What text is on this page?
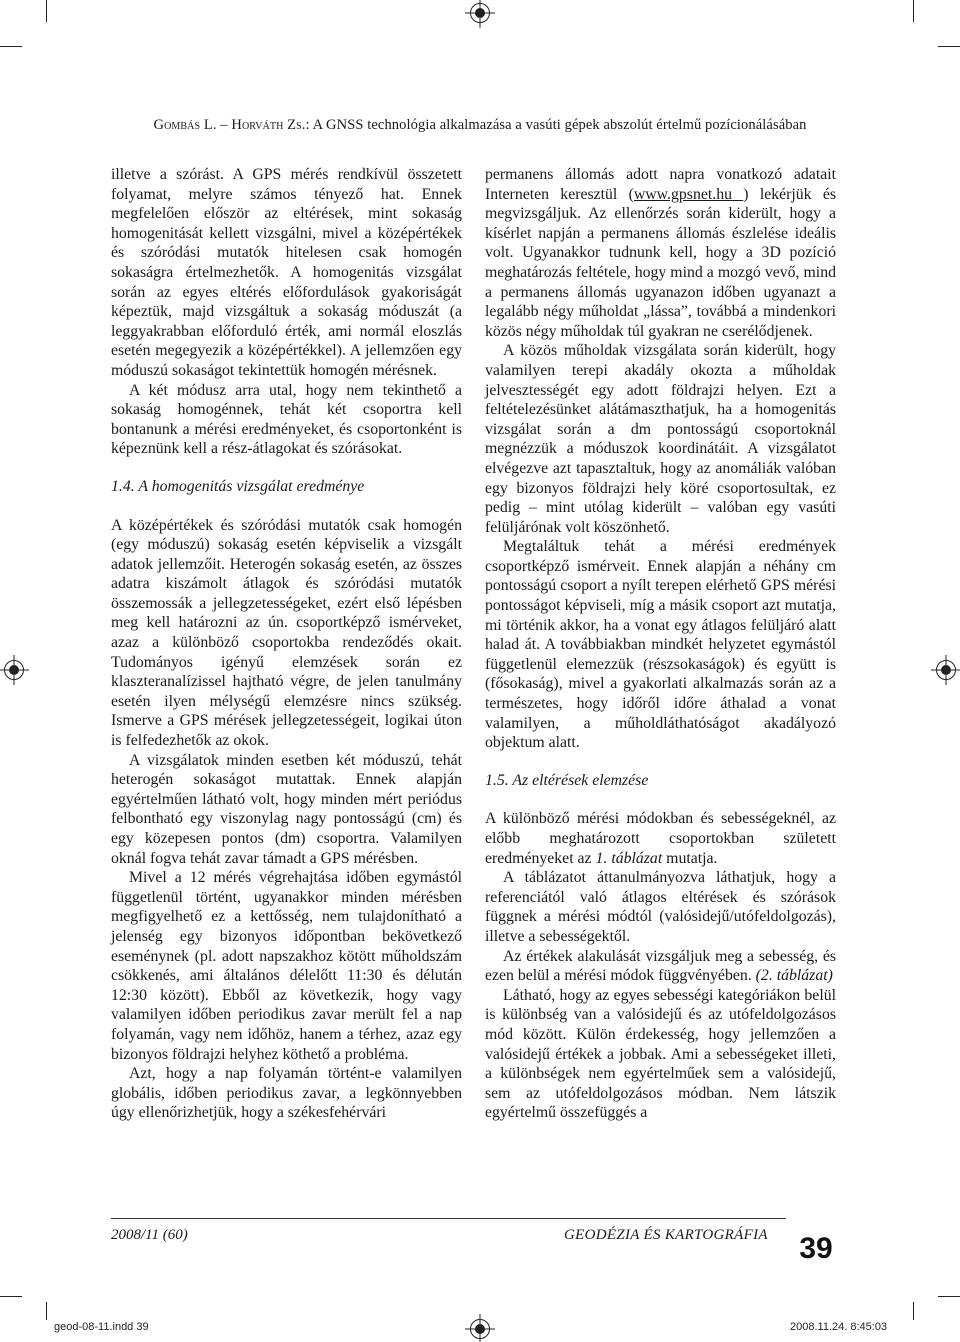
Gombás L. – Horváth Zs.: A GNSS technológia alkalmazása a vasúti gépek abszolút értelmű pozícionálásában

illetve a szórást. A GPS mérés rendkívül összetett folyamat, melyre számos tényező hat. Ennek megfelelően először az eltérések, mint sokaság homogenitását kellett vizsgálni, mivel a középértékek és szóródási mutatók hitelesen csak homogén sokaságra értelmezhetők. A homogenitás vizsgálat során az egyes eltérés előfordulások gyakoriságát képeztük, majd vizsgáltuk a sokaság móduszát (a leggyakrabban előforduló érték, ami normál eloszlás esetén megegyezik a középértékkel). A jellemzően egy móduszú sokaságot tekintettük homogén mérésnek.

A két módusz arra utal, hogy nem tekinthető a sokaság homogénnek, tehát két csoportra kell bontanunk a mérési eredményeket, és csoportonként is képeznünk kell a rész-átlagokat és szórásokat.

1.4. A homogenitás vizsgálat eredménye

A középértékek és szóródási mutatók csak homogén (egy móduszú) sokaság esetén képviselik a vizsgált adatok jellemzőit. Heterogén sokaság esetén, az összes adatra kiszámolt átlagok és szóródási mutatók összemossák a jellegzetességeket, ezért első lépésben meg kell határozni az ún. csoportképző ismérveket, azaz a különböző csoportokba rendeződés okait. Tudományos igényű elemzések során ez klaszteranalízissel hajtható végre, de jelen tanulmány esetén ilyen mélységű elemzésre nincs szükség. Ismerve a GPS mérések jellegzetességeit, logikai úton is felfedezhetők az okok.

A vizsgálatok minden esetben két móduszú, tehát heterogén sokaságot mutattak. Ennek alapján egyértelműen látható volt, hogy minden mért periódus felbontható egy viszonylag nagy pontosságú (cm) és egy közepesen pontos (dm) csoportra. Valamilyen oknál fogva tehát zavar támadt a GPS mérésben.

Mivel a 12 mérés végrehajtása időben egymástól függetlenül történt, ugyanakkor minden mérésben megfigyelhető ez a kettősség, nem tulajdonítható a jelenség egy bizonyos időpontban bekövetkező eseménynek (pl. adott napszakhoz kötött műholdszám csökkenés, ami általános délelőtt 11:30 és délután 12:30 között). Ebből az következik, hogy vagy valamilyen időben periodikus zavar merült fel a nap folyamán, vagy nem időhöz, hanem a térhez, azaz egy bizonyos földrajzi helyhez köthető a probléma.

Azt, hogy a nap folyamán történt-e valamilyen globális, időben periodikus zavar, a legkönnyebben úgy ellenőrizhetjük, hogy a székesfehérvári

permanens állomás adott napra vonatkozó adatait Interneten keresztül (www.gpsnet.hu ) lekérjük és megvizsgáljuk. Az ellenőrzés során kiderült, hogy a kísérlet napján a permanens állomás észlelése ideális volt. Ugyanakkor tudnunk kell, hogy a 3D pozíció meghatározás feltétele, hogy mind a mozgó vevő, mind a permanens állomás ugyanazon időben ugyanazt a legalább négy műholdat „lássa”, továbbá a mindenkori közös négy műholdak túl gyakran ne cserélődjenek.

A közös műholdak vizsgálata során kiderült, hogy valamilyen terepi akadály okozta a műholdak jelvesztességét egy adott földrajzi helyen. Ezt a feltételezésünket alátámaszthatjuk, ha a homogenitás vizsgálat során a dm pontosságú csoportoknál megnézzük a móduszok koordinátáit. A vizsgálatot elvégezve azt tapasztaltuk, hogy az anomáliák valóban egy bizonyos földrajzi hely köré csoportosultak, ez pedig – mint utólag kiderült – valóban egy vasúti felüljárónak volt köszönhető.

Megtaláltuk tehát a mérési eredmények csoportképző ismérveit. Ennek alapján a néhány cm pontosságú csoport a nyílt terepen elérhető GPS mérési pontosságot képviseli, míg a másik csoport azt mutatja, mi történik akkor, ha a vonat egy átlagos felüljáró alatt halad át. A továbbiakban mindkét helyzetet egymástól függetlenül elemezzük (részsokaságok) és együtt is (fősokaság), mivel a gyakorlati alkalmazás során az a természetes, hogy időről időre áthalad a vonat valamilyen, a műholdláthatóságot akadályozó objektum alatt.

1.5. Az eltérések elemzése

A különböző mérési módokban és sebességeknél, az előbb meghatározott csoportokban született eredményeket az 1. táblázat mutatja.

A táblázatot áttanulmányozva láthatjuk, hogy a referenciától való átlagos eltérések és szórások függnek a mérési módtól (valósidejű/utófeldolgozás), illetve a sebességektől.

Az értékek alakulását vizsgáljuk meg a sebesség, és ezen belül a mérési módok függvényében. (2. táblázat)

Látható, hogy az egyes sebességi kategóriákon belül is különbség van a valósidejű és az utófeldolgozásos mód között. Külön érdekesség, hogy jellemzően a valósidejű értékek a jobbak. Ami a sebességeket illeti, a különbségek nem egyértelműek sem a valósidejű, sem az utófeldolgozásos módban. Nem látszik egyértelmű összefüggés a

2008/11 (60)	GEODÉZIA ÉS KARTOGRÁFIA 39
geod-08-11.indd 39	2008.11.24. 8:45:03
